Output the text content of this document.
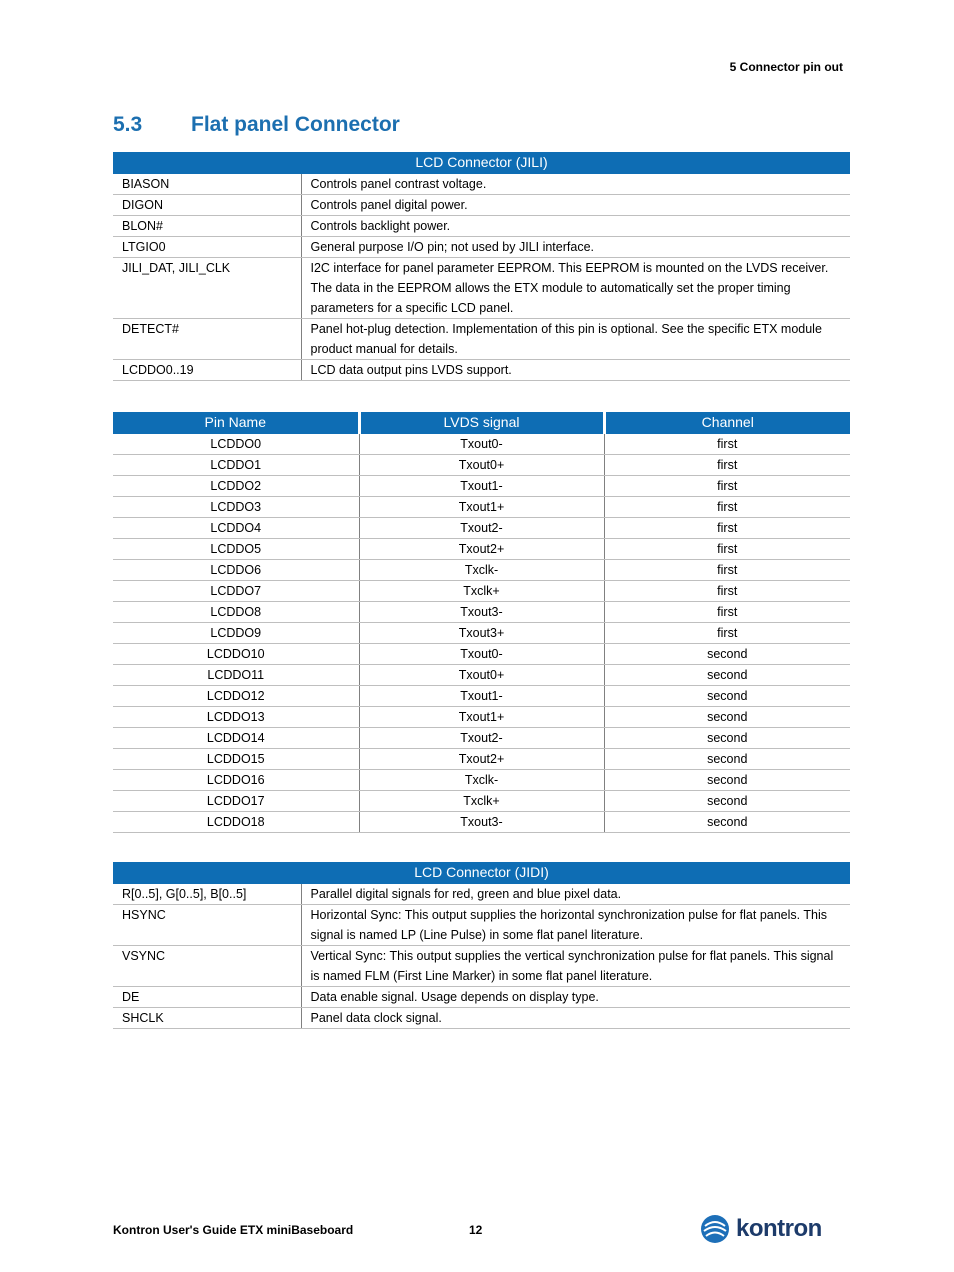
5 Connector pin out
5.3 Flat panel Connector
LCD Connector (JILI)	
BIASON	Controls panel contrast voltage.
DIGON	Controls panel digital power.
BLON#	Controls backlight power.
LTGIO0	General purpose I/O pin; not used by JILI interface.
JILI_DAT, JILI_CLK	I2C interface for panel parameter EEPROM. This EEPROM is mounted on the LVDS receiver. The data in the EEPROM allows the ETX module to automatically set the proper timing parameters for a specific LCD panel.
DETECT#	Panel hot-plug detection. Implementation of this pin is optional. See the specific ETX module product manual for details.
LCDDO0..19	LCD data output pins LVDS support.
Pin Name	LVDS signal	Channel
LCDDO0	Txout0-	first
LCDDO1	Txout0+	first
LCDDO2	Txout1-	first
LCDDO3	Txout1+	first
LCDDO4	Txout2-	first
LCDDO5	Txout2+	first
LCDDO6	Txclk-	first
LCDDO7	Txclk+	first
LCDDO8	Txout3-	first
LCDDO9	Txout3+	first
LCDDO10	Txout0-	second
LCDDO11	Txout0+	second
LCDDO12	Txout1-	second
LCDDO13	Txout1+	second
LCDDO14	Txout2-	second
LCDDO15	Txout2+	second
LCDDO16	Txclk-	second
LCDDO17	Txclk+	second
LCDDO18	Txout3-	second
LCD Connector (JIDI)	
R[0..5], G[0..5], B[0..5]	Parallel digital signals for red, green and blue pixel data.
HSYNC	Horizontal Sync: This output supplies the horizontal synchronization pulse for flat panels. This signal is named LP (Line Pulse) in some flat panel literature.
VSYNC	Vertical Sync: This output supplies the vertical synchronization pulse for flat panels. This signal is named FLM (First Line Marker) in some flat panel literature.
DE	Data enable signal. Usage depends on display type.
SHCLK	Panel data clock signal.
Kontron User's Guide ETX miniBaseboard	12	kontron
